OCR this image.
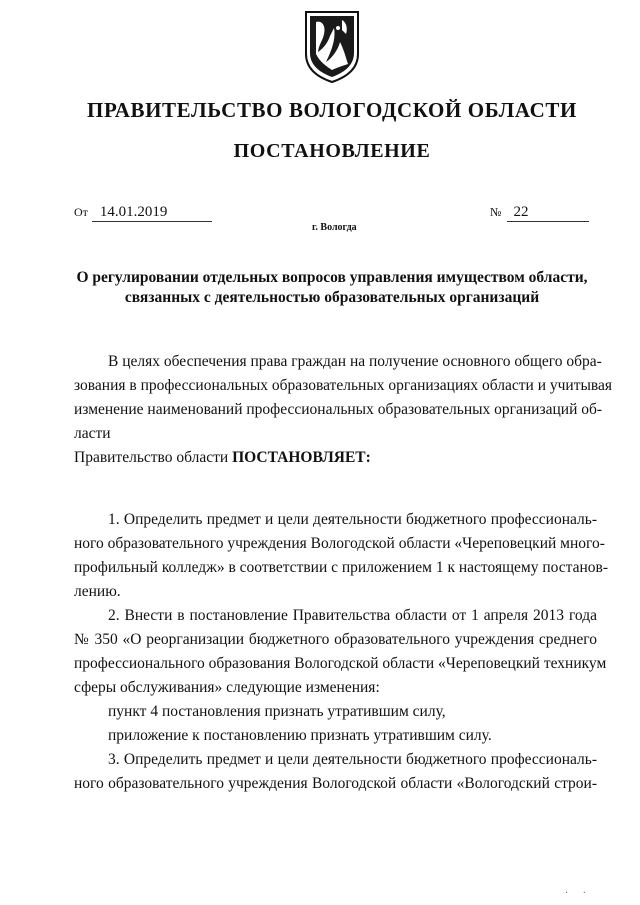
ПРАВИТЕЛЬСТВО ВОЛОГОДСКОЙ ОБЛАСТИ
ПОСТАНОВЛЕНИЕ
От 14.01.2019	№ 22
г. Вологда
О регулировании отдельных вопросов управления имуществом области,
связанных с деятельностью образовательных организаций
В целях обеспечения права граждан на получение основного общего обра-
зования в профессиональных образовательных организациях области и учитывая
изменение наименований профессиональных образовательных организаций об-
ласти
Правительство области ПОСТАНОВЛЯЕТ:
1. Определить предмет и цели деятельности бюджетного профессиональ-
ного образовательного учреждения Вологодской области «Череповецкий много-
профильный колледж» в соответствии с приложением 1 к настоящему постанов-
лению.
2. Внести в постановление Правительства области от 1 апреля 2013 года
№ 350 «О реорганизации бюджетного образовательного учреждения среднего
профессионального образования Вологодской области «Череповецкий техникум
сферы обслуживания» следующие изменения:
пункт 4 постановления признать утратившим силу,
приложение к постановлению признать утратившим силу.
3. Определить предмет и цели деятельности бюджетного профессиональ-
ного образовательного учреждения Вологодской области «Вологодский строи-
· ·
